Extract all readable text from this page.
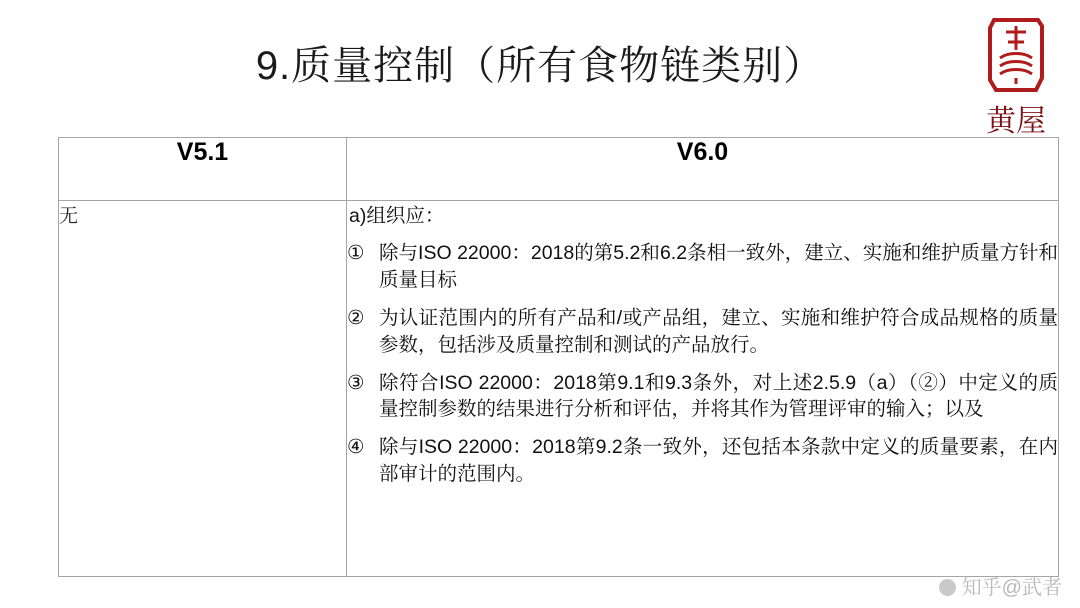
9.质量控制（所有食物链类别）
黄屋
V5.1	V6.0
无	a)组织应：
① 除与ISO 22000：2018的第5.2和6.2条相一致外，建立、实施和维护质量方针和质量目标
② 为认证范围内的所有产品和/或产品组，建立、实施和维护符合成品规格的质量参数，包括涉及质量控制和测试的产品放行。
③ 除符合ISO 22000：2018第9.1和9.3条外，对上述2.5.9（a）（②）中定义的质量控制参数的结果进行分析和评估，并将其作为管理评审的输入；以及
④ 除与ISO 22000：2018第9.2条一致外，还包括本条款中定义的质量要素，在内部审计的范围内。
知乎@武者
